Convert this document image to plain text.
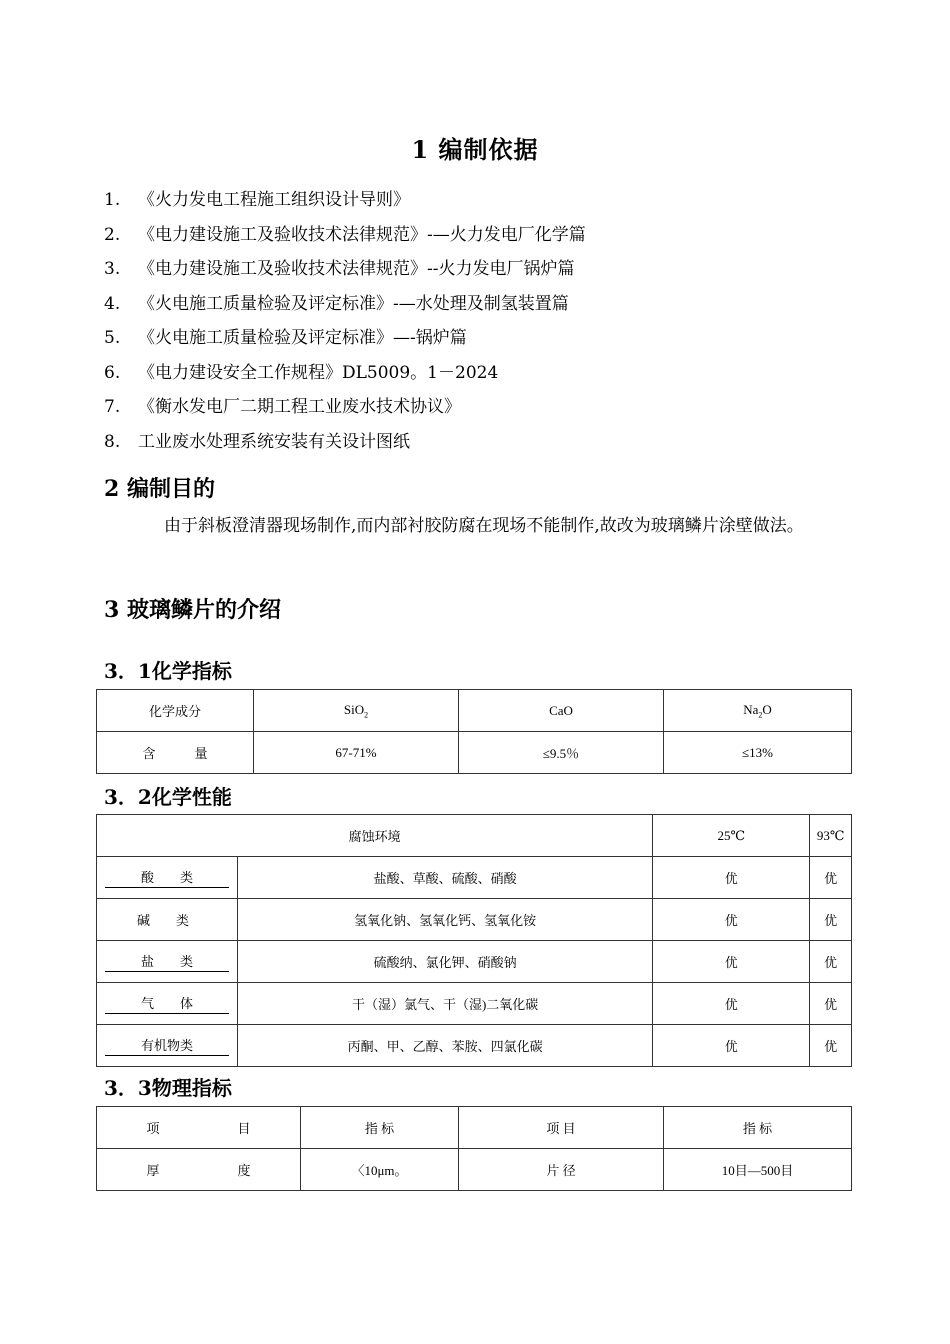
1 编制依据
1. 《火力发电工程施工组织设计导则》
2. 《电力建设施工及验收技术法律规范》-—火力发电厂化学篇
3. 《电力建设施工及验收技术法律规范》--火力发电厂锅炉篇
4. 《火电施工质量检验及评定标准》-—水处理及制氢装置篇
5. 《火电施工质量检验及评定标准》—-锅炉篇
6. 《电力建设安全工作规程》DL5009。1－2024
7. 《衡水发电厂二期工程工业废水技术协议》
8. 工业废水处理系统安装有关设计图纸
2 编制目的
由于斜板澄清器现场制作,而内部衬胶防腐在现场不能制作,故改为玻璃鳞片涂壁做法。
3 玻璃鳞片的介绍
3．1化学指标
化学成分	SiO$_2$	CaO	$Na_2O$
含　　　量	67-71%	≤9.5％	≤13%
3．2化学性能
腐蚀环境		25℃	93℃
酸　　类	盐酸、草酸、硫酸、硝酸	优	优
碱　　类	氢氧化钠、氢氧化钙、氢氧化铵	优	优
盐　　类	硫酸纳、氯化钾、硝酸钠	优	优
气　　体	干（湿）氯气、干（湿)二氧化碳	优	优
有机物类	丙酮、甲、乙醇、苯胺、四氯化碳	优	优
3．3物理指标
项　　　　　　目	指 标	项 目	指 标
厚　　　　　　度	〈10μm。	片 径	10目—500目
